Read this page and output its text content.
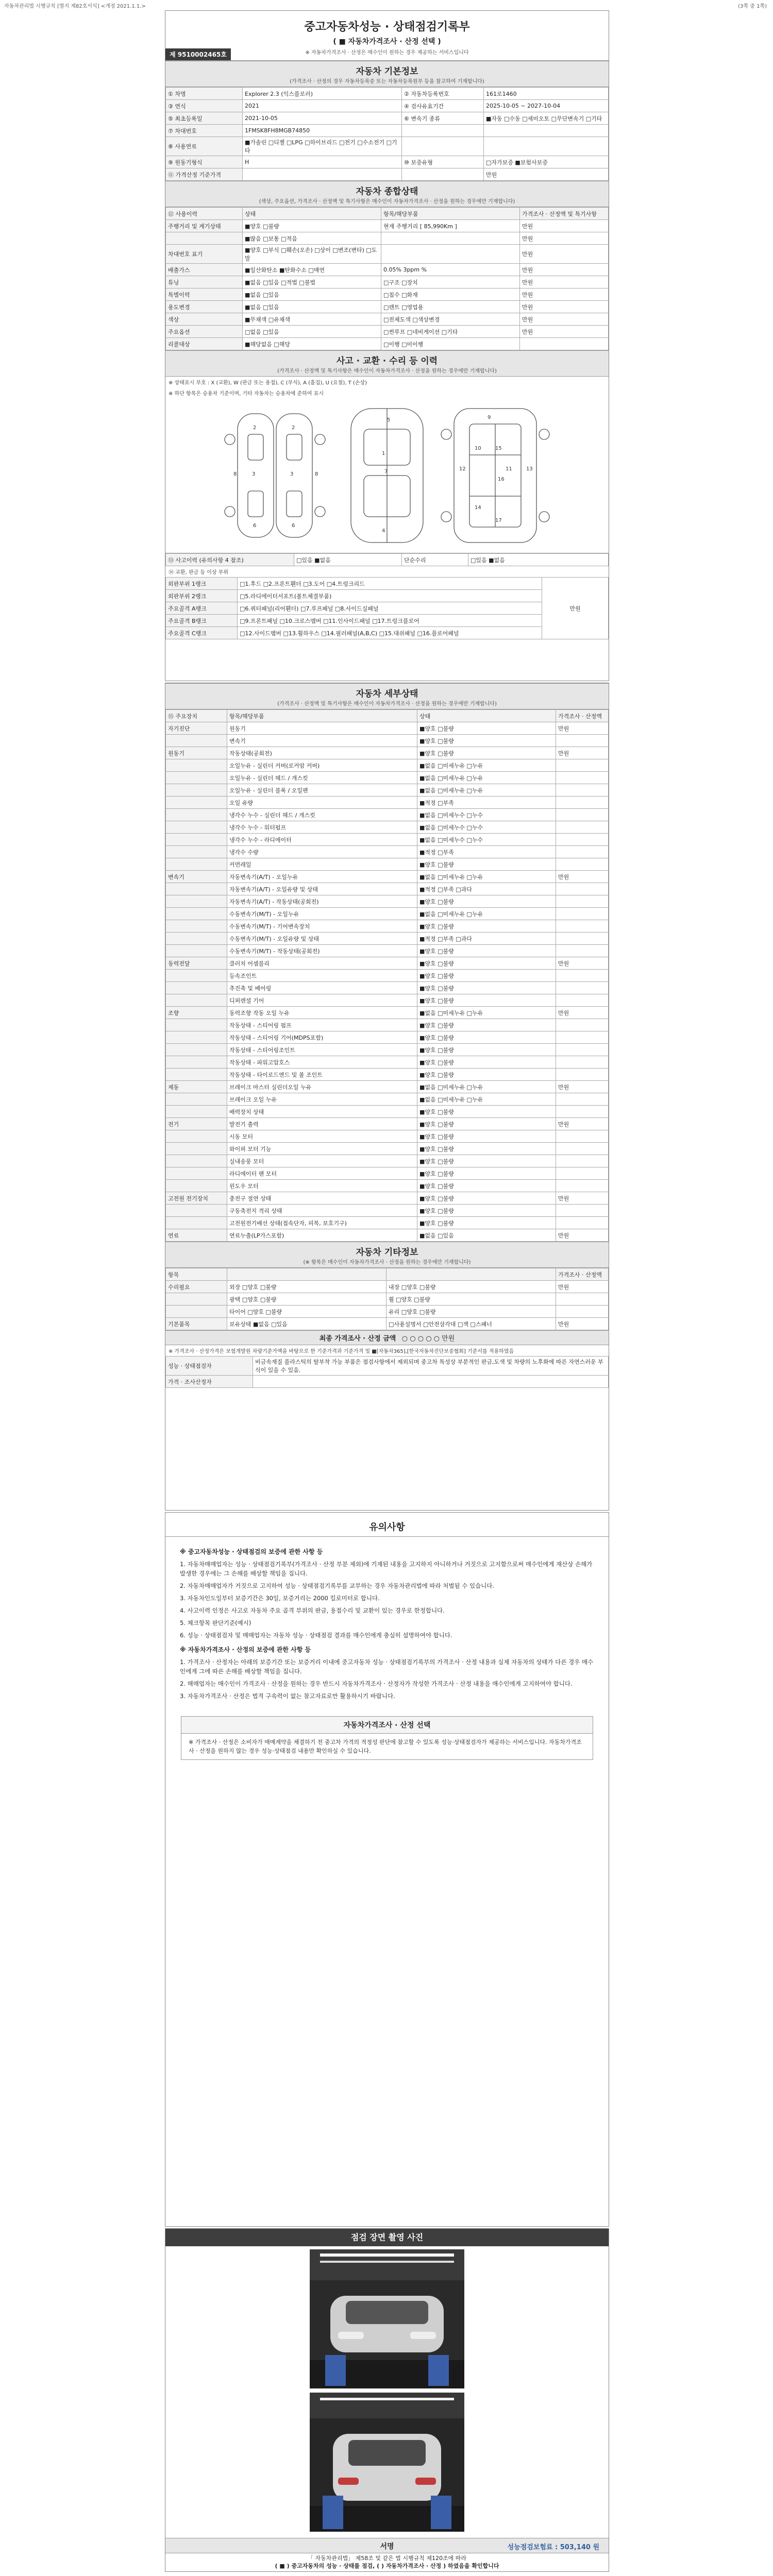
자동차관리법 시행규칙 [별지 제82호서식] <개정 2021.1.1.>	(3쪽 중 1쪽)
중고자동차성능 · 상태점검기록부
( ■ 자동차가격조사 · 산정 선택 )
※ 자동차가격조사 · 산정은 매수인이 원하는 경우 제공하는 서비스입니다
제 9510002465호
자동차 기본정보
(가격조사 · 산정의 경우 자동차등록증 또는 자동차등록원부 등을 참고하여 기재합니다)
① 차명	Explorer 2.3 (익스플로러)	② 자동차등록번호	161로1460
③ 연식	2021	④ 검사유효기간	2025-10-05 ~ 2027-10-04
⑤ 최초등록일	2021-10-05	⑥ 변속기 종류	■자동 □수동 □세미오토 □무단변속기 □기타
⑦ 차대번호	1FMSK8FH8MGB74850		
⑧ 사용연료	■가솔린 □디젤 □LPG □하이브리드 □전기 □수소전기 □기타		
⑨ 원동기형식	H	⑩ 보증유형	□자가보증 ■보험사보증
⑪ 가격산정 기준가격			만원
자동차 종합상태
(색상, 주요옵션, 가격조사 · 산정액 및 특기사항은 매수인이 자동차가격조사 · 산정을 원하는 경우에만 기재합니다)
⑫ 사용이력	상태	항목/해당부품	가격조사 · 산정액 및 특기사항
주행거리 및 계기상태	■양호 □불량	현재 주행거리 [ 85,990Km ]	만원
	■많음 □보통 □적음		만원
차대번호 표기	■양호 □부식 □훼손(오손) □상이 □변조(변타) □도말		만원
배출가스	■일산화탄소 ■탄화수소 □매연	0.05% 3ppm %	만원
튜닝	■없음 □있음 □적법 □불법	□구조 □장치	만원
특별이력	■없음 □있음	□침수 □화재	만원
용도변경	■없음 □있음	□렌트 □영업용	만원
색상	■무채색 □유채색	□전체도색 □색상변경	만원
주요옵션	□없음 □있음	□썬루프 □네비게이션 □기타	만원
리콜대상	■해당없음 □해당	□이행 □미이행	
사고 · 교환 · 수리 등 이력
(가격조사 · 산정액 및 특기사항은 매수인이 자동차가격조사 · 산정을 원하는 경우에만 기재합니다)
※ 상태표시 부호 : X (교환), W (판금 또는 용접), C (부식), A (흠집), U (요철), T (손상)
※ 하단 항목은 승용차 기준이며, 기타 자동차는 승용차에 준하여 표시
1
2	2
3	3
4
5
6	6
7
8	8
9
10
11
12	13
14
15
16
17
⑬ 사고이력 (유의사항 4 참조)	□있음 ■없음	단순수리	□있음 ■없음
⑭ 교환, 판금 등 이상 부위
외판부위 1랭크	□1.후드 □2.프론트휀더 □3.도어 □4.트렁크리드	만원
외판부위 2랭크	□5.라디에이터서포트(볼트체결부품)	
주요골격 A랭크	□6.쿼터패널(리어휀더) □7.루프패널 □8.사이드실패널	
주요골격 B랭크	□9.프론트패널 □10.크로스멤버 □11.인사이드패널 □17.트렁크플로어	
주요골격 C랭크	□12.사이드멤버 □13.휠하우스 □14.필러패널(A,B,C) □15.대쉬패널 □16.플로어패널	
자동차 세부상태
(가격조사 · 산정액 및 특기사항은 매수인이 자동차가격조사 · 산정을 원하는 경우에만 기재합니다)
⑮ 주요장치	항목/해당부품	상태	가격조사 · 산정액
자기진단	원동기	■양호 □불량	만원
	변속기	■양호 □불량	
원동기	작동상태(공회전)	■양호 □불량	만원
	오일누유 - 실린더 커버(로커암 커버)	■없음 □미세누유 □누유	
	오일누유 - 실린더 헤드 / 개스킷	■없음 □미세누유 □누유	
	오일누유 - 실린더 블록 / 오일팬	■없음 □미세누유 □누유	
	오일 유량	■적정 □부족	
	냉각수 누수 - 실린더 헤드 / 개스킷	■없음 □미세누수 □누수	
	냉각수 누수 - 워터펌프	■없음 □미세누수 □누수	
	냉각수 누수 - 라디에이터	■없음 □미세누수 □누수	
	냉각수 수량	■적정 □부족	
	커먼레일	■양호 □불량	
변속기	자동변속기(A/T) - 오일누유	■없음 □미세누유 □누유	만원
	자동변속기(A/T) - 오일유량 및 상태	■적정 □부족 □과다	
	자동변속기(A/T) - 작동상태(공회전)	■양호 □불량	
	수동변속기(M/T) - 오일누유	■없음 □미세누유 □누유	
	수동변속기(M/T) - 기어변속장치	■양호 □불량	
	수동변속기(M/T) - 오일유량 및 상태	■적정 □부족 □과다	
	수동변속기(M/T) - 작동상태(공회전)	■양호 □불량	
동력전달	클러치 어셈블리	■양호 □불량	만원
	등속조인트	■양호 □불량	
	추진축 및 베어링	■양호 □불량	
	디퍼렌셜 기어	■양호 □불량	
조향	동력조향 작동 오일 누유	■없음 □미세누유 □누유	만원
	작동상태 - 스티어링 펌프	■양호 □불량	
	작동상태 - 스티어링 기어(MDPS포함)	■양호 □불량	
	작동상태 - 스티어링조인트	■양호 □불량	
	작동상태 - 파워고압호스	■양호 □불량	
	작동상태 - 타이로드엔드 및 볼 조인트	■양호 □불량	
제동	브레이크 마스터 실린더오일 누유	■없음 □미세누유 □누유	만원
	브레이크 오일 누유	■없음 □미세누유 □누유	
	배력장치 상태	■양호 □불량	
전기	발전기 출력	■양호 □불량	만원
	시동 모터	■양호 □불량	
	와이퍼 모터 기능	■양호 □불량	
	실내송풍 모터	■양호 □불량	
	라디에이터 팬 모터	■양호 □불량	
	윈도우 모터	■양호 □불량	
고전원 전기장치	충전구 절연 상태	■양호 □불량	만원
	구동축전지 격리 상태	■양호 □불량	
	고전원전기배선 상태(접속단자, 피복, 보호기구)	■양호 □불량	
연료	연료누출(LP가스포함)	■없음 □있음	만원
자동차 기타정보
(※ 항목은 매수인이 자동차가격조사 · 산정을 원하는 경우에만 기재합니다)
항목			가격조사 · 산정액
수리필요	외장 □양호 □불량	내장 □양호 □불량	만원
	광택 □양호 □불량	휠 □양호 □불량	
	타이어 □양호 □불량	유리 □양호 □불량	
기본품목	보유상태 ■없음 □있음	□사용설명서 □안전삼각대 □잭 □스패너	만원
최종 가격조사 · 산정 금액 ○ ○ ○ ○ ○ 만원
※ 가격조사 · 산정가격은 보험개발원 차량기준가액을 바탕으로 한 기준가격과 기준가격 및 ■[자동차365],[한국자동차진단보증협회] 기준서를 적용하였음
성능 · 상태점검자	비금속재질 플라스틱의 탈부착 가능 부품은 점검사항에서 제외되며 중고차 특성상 부분적인 판금,도색 및 차량의 노후화에 따른 자연스러운 부식이 있을 수 있음.
가격 · 조사산정자	
유의사항
※ 중고자동차성능 · 상태점검의 보증에 관한 사항 등

1. 자동차매매업자는 성능 · 상태점검기록부(가격조사 · 산정 부분 제외)에 기재된 내용을 고지하지 아니하거나 거짓으로 고지함으로써 매수인에게 재산상 손해가 발생한 경우에는 그 손해를 배상할 책임을 집니다.

2. 자동차매매업자가 거짓으로 고지하여 성능 · 상태점검기록부를 교부하는 경우 자동차관리법에 따라 처벌될 수 있습니다.

3. 자동차인도일부터 보증기간은 30일, 보증거리는 2000 킬로미터로 합니다.

4. 사고이력 인정은 사고로 자동차 주요 골격 부위의 판금, 용접수리 및 교환이 있는 경우로 한정합니다.

5. 체크항목 판단기준(예시)

6. 성능 · 상태점검자 및 매매업자는 자동차 성능 · 상태점검 결과를 매수인에게 충실히 설명하여야 합니다.

※ 자동차가격조사 · 산정의 보증에 관한 사항 등

1. 가격조사 · 산정자는 아래의 보증기간 또는 보증거리 이내에 중고자동차 성능 · 상태점검기록부의 가격조사 · 산정 내용과 실제 자동차의 상태가 다른 경우 매수인에게 그에 따른 손해를 배상할 책임을 집니다.

2. 매매업자는 매수인이 가격조사 · 산정을 원하는 경우 반드시 자동차가격조사 · 산정자가 작성한 가격조사 · 산정 내용을 매수인에게 고지하여야 합니다.

3. 자동차가격조사 · 산정은 법적 구속력이 없는 참고자료로만 활용하시기 바랍니다.

자동차가격조사 · 산정 선택
※ 가격조사 · 산정은 소비자가 매매계약을 체결하기 전 중고차 가격의 적정성 판단에 참고할 수 있도록 성능·상태점검자가 제공하는 서비스입니다. 자동차가격조사 · 산정을 원하지 않는 경우 성능·상태점검 내용만 확인하실 수 있습니다.
점검 장면 촬영 사진
서명	성능점검보험료 : 503,140 원
「 자동차관리법」 제58조 및 같은 법 시행규칙 제120조에 따라
( ■ ) 중고자동차의 성능 · 상태를 점검, ( ) 자동차가격조사 · 산정 ) 하였음을 확인합니다
